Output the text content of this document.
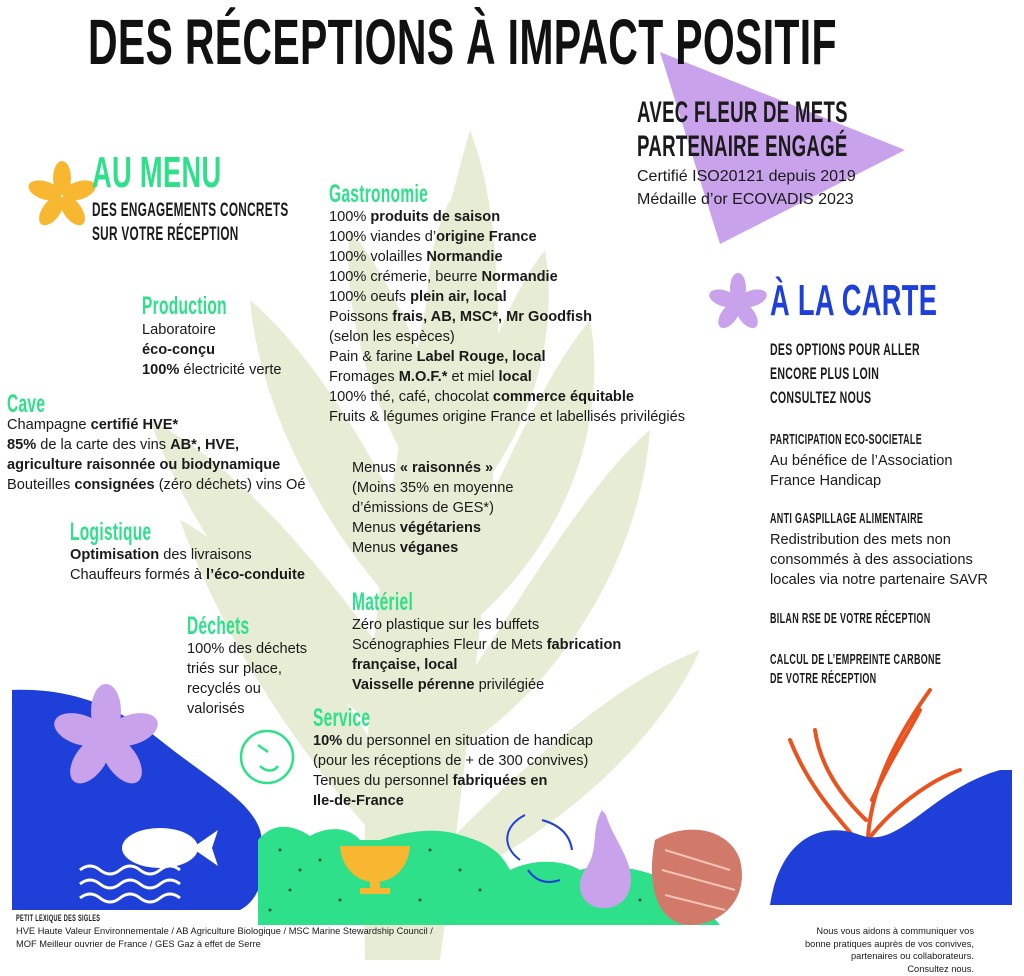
DES RÉCEPTIONS À IMPACT POSITIF
AVEC FLEUR DE METS
PARTENAIRE ENGAGÉ
Certifié ISO20121 depuis 2019
Médaille d’or ECOVADIS 2023
AU MENU
DES ENGAGEMENTS CONCRETS
SUR VOTRE RÉCEPTION
Gastronomie
100% produits de saison
100% viandes d’origine France
100% volailles Normandie
100% crémerie, beurre Normandie
100% oeufs plein air, local
Poissons frais, AB, MSC*, Mr Goodfish
(selon les espèces)
Pain & farine Label Rouge, local
Fromages M.O.F.* et miel local
100% thé, café, chocolat commerce équitable
Fruits & légumes origine France et labellisés privilégiés
Production
Laboratoire
éco-conçu
100% électricité verte
Cave
Champagne certifié HVE*
85% de la carte des vins AB*, HVE,
agriculture raisonnée ou biodynamique
Bouteilles consignées (zéro déchets) vins Oé
Menus « raisonnés »
(Moins 35% en moyenne
d’émissions de GES*)
Menus végétariens
Menus véganes
Logistique
Optimisation des livraisons
Chauffeurs formés à l’éco-conduite
Matériel
Zéro plastique sur les buffets
Scénographies Fleur de Mets fabrication
française, local
Vaisselle pérenne privilégiée
Déchets
100% des déchets
triés sur place,
recyclés ou
valorisés	Service
10% du personnel en situation de handicap
(pour les réceptions de + de 300 convives)
Tenues du personnel fabriquées en
Ile-de-France
À LA CARTE
DES OPTIONS POUR ALLER
ENCORE PLUS LOIN
CONSULTEZ NOUS
PARTICIPATION ECO-SOCIETALE
Au bénéfice de l’Association
France Handicap
ANTI GASPILLAGE ALIMENTAIRE
Redistribution des mets non
consommés à des associations
locales via notre partenaire SAVR
BILAN RSE DE VOTRE RÉCEPTION
CALCUL DE L’EMPREINTE CARBONE
DE VOTRE RÉCEPTION
PETIT LEXIQUE DES SIGLES
HVE Haute Valeur Environnementale / AB Agriculture Biologique / MSC Marine Stewardship Council /
MOF Meilleur ouvrier de France / GES Gaz à effet de Serre
Nous vous aidons à communiquer vos
bonne pratiques auprès de vos convives,
partenaires ou collaborateurs.
Consultez nous.
